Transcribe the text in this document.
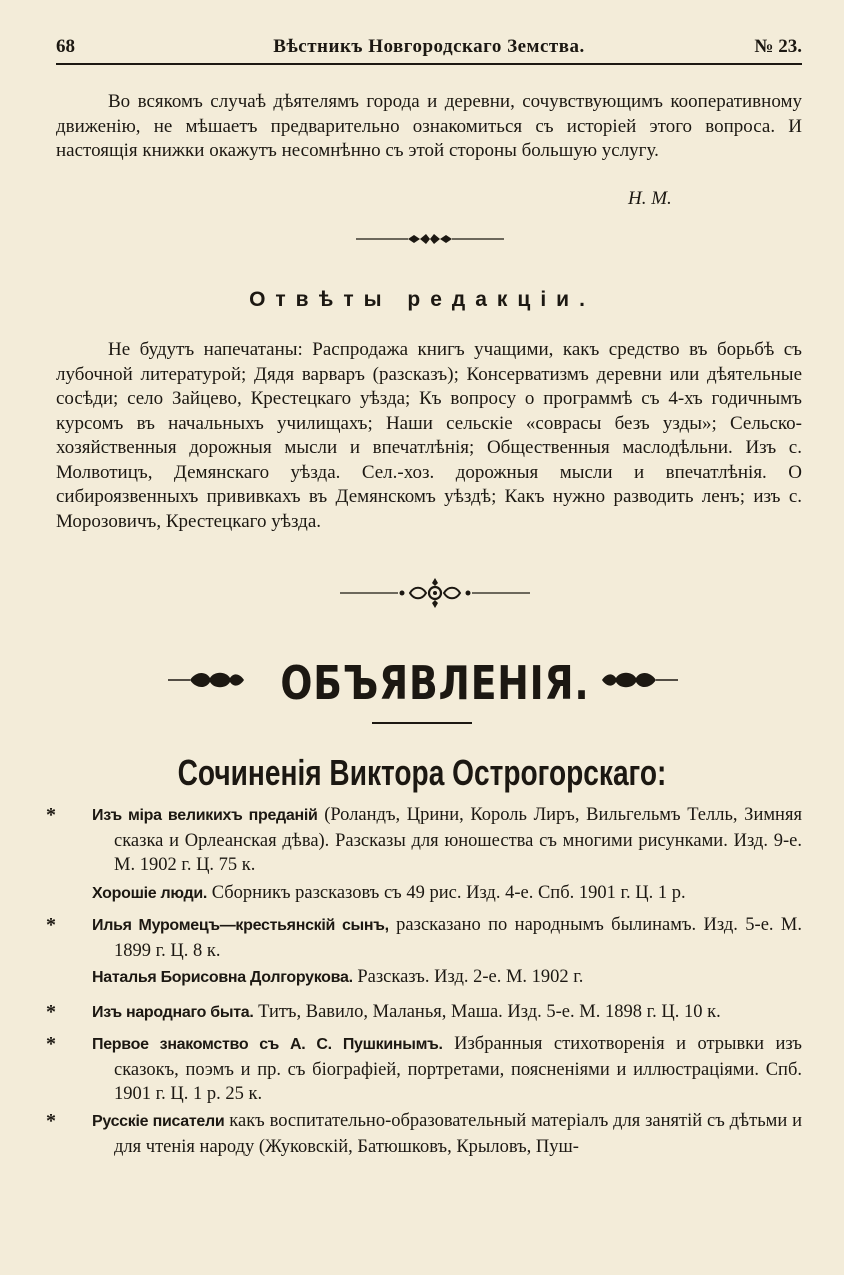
68	Вѣстникъ Новгородскаго Земства.	№ 23.

Во всякомъ случаѣ дѣятелямъ города и деревни, сочувствующимъ кооперативному движенію, не мѣшаетъ предварительно ознакомиться съ исторіей этого вопроса. И настоящія книжки окажутъ несомнѣнно съ этой стороны большую услугу.

Н. М.
Отвѣты редакціи.

Не будутъ напечатаны: Распродажа книгъ учащими, какъ средство въ борьбѣ съ лубочной литературой; Дядя варваръ (разсказъ); Консерватизмъ деревни или дѣятельные сосѣди; село Зайцево, Крестецкаго уѣзда; Къ вопросу о программѣ съ 4-хъ годичнымъ курсомъ въ начальныхъ училищахъ; Наши сельскіе «соврасы безъ узды»; Сельско-хозяйственныя дорожныя мысли и впечатлѣнія; Общественныя маслодѣльни. Изъ с. Молвотицъ, Демянскаго уѣзда. Сел.-хоз. дорожныя мысли и впечатлѣнія. О сибироязвенныхъ прививкахъ въ Демянскомъ уѣздѣ; Какъ нужно разводить ленъ; изъ с. Морозовичъ, Крестецкаго уѣзда.

ОБЪЯВЛЕНІЯ.
Сочиненія Виктора Острогорскаго:
* Изъ міра великихъ преданій (Роландъ, Црини, Король Лиръ, Вильгельмъ Телль, Зимняя сказка и Орлеанская дѣва). Разсказы для юношества съ многими рисунками. Изд. 9-е. М. 1902 г. Ц. 75 к.
Хорошіе люди. Сборникъ разсказовъ съ 49 рис. Изд. 4-е. Спб. 1901 г. Ц. 1 р.
* Илья Муромецъ—крестьянскій сынъ, разсказано по народнымъ былинамъ. Изд. 5-е. М. 1899 г. Ц. 8 к.
Наталья Борисовна Долгорукова. Разсказъ. Изд. 2-е. М. 1902 г.
* Изъ народнаго быта. Титъ, Вавило, Маланья, Маша. Изд. 5-е. М. 1898 г. Ц. 10 к.
* Первое знакомство съ А. С. Пушкинымъ. Избранныя стихотворенія и отрывки изъ сказокъ, поэмъ и пр. съ біографіей, портретами, поясненіями и иллюстраціями. Спб. 1901 г. Ц. 1 р. 25 к.
* Русскіе писатели какъ воспитательно-образовательный матеріалъ для занятій съ дѣтьми и для чтенія народу (Жуковскій, Батюшковъ, Крыловъ, Пуш-
